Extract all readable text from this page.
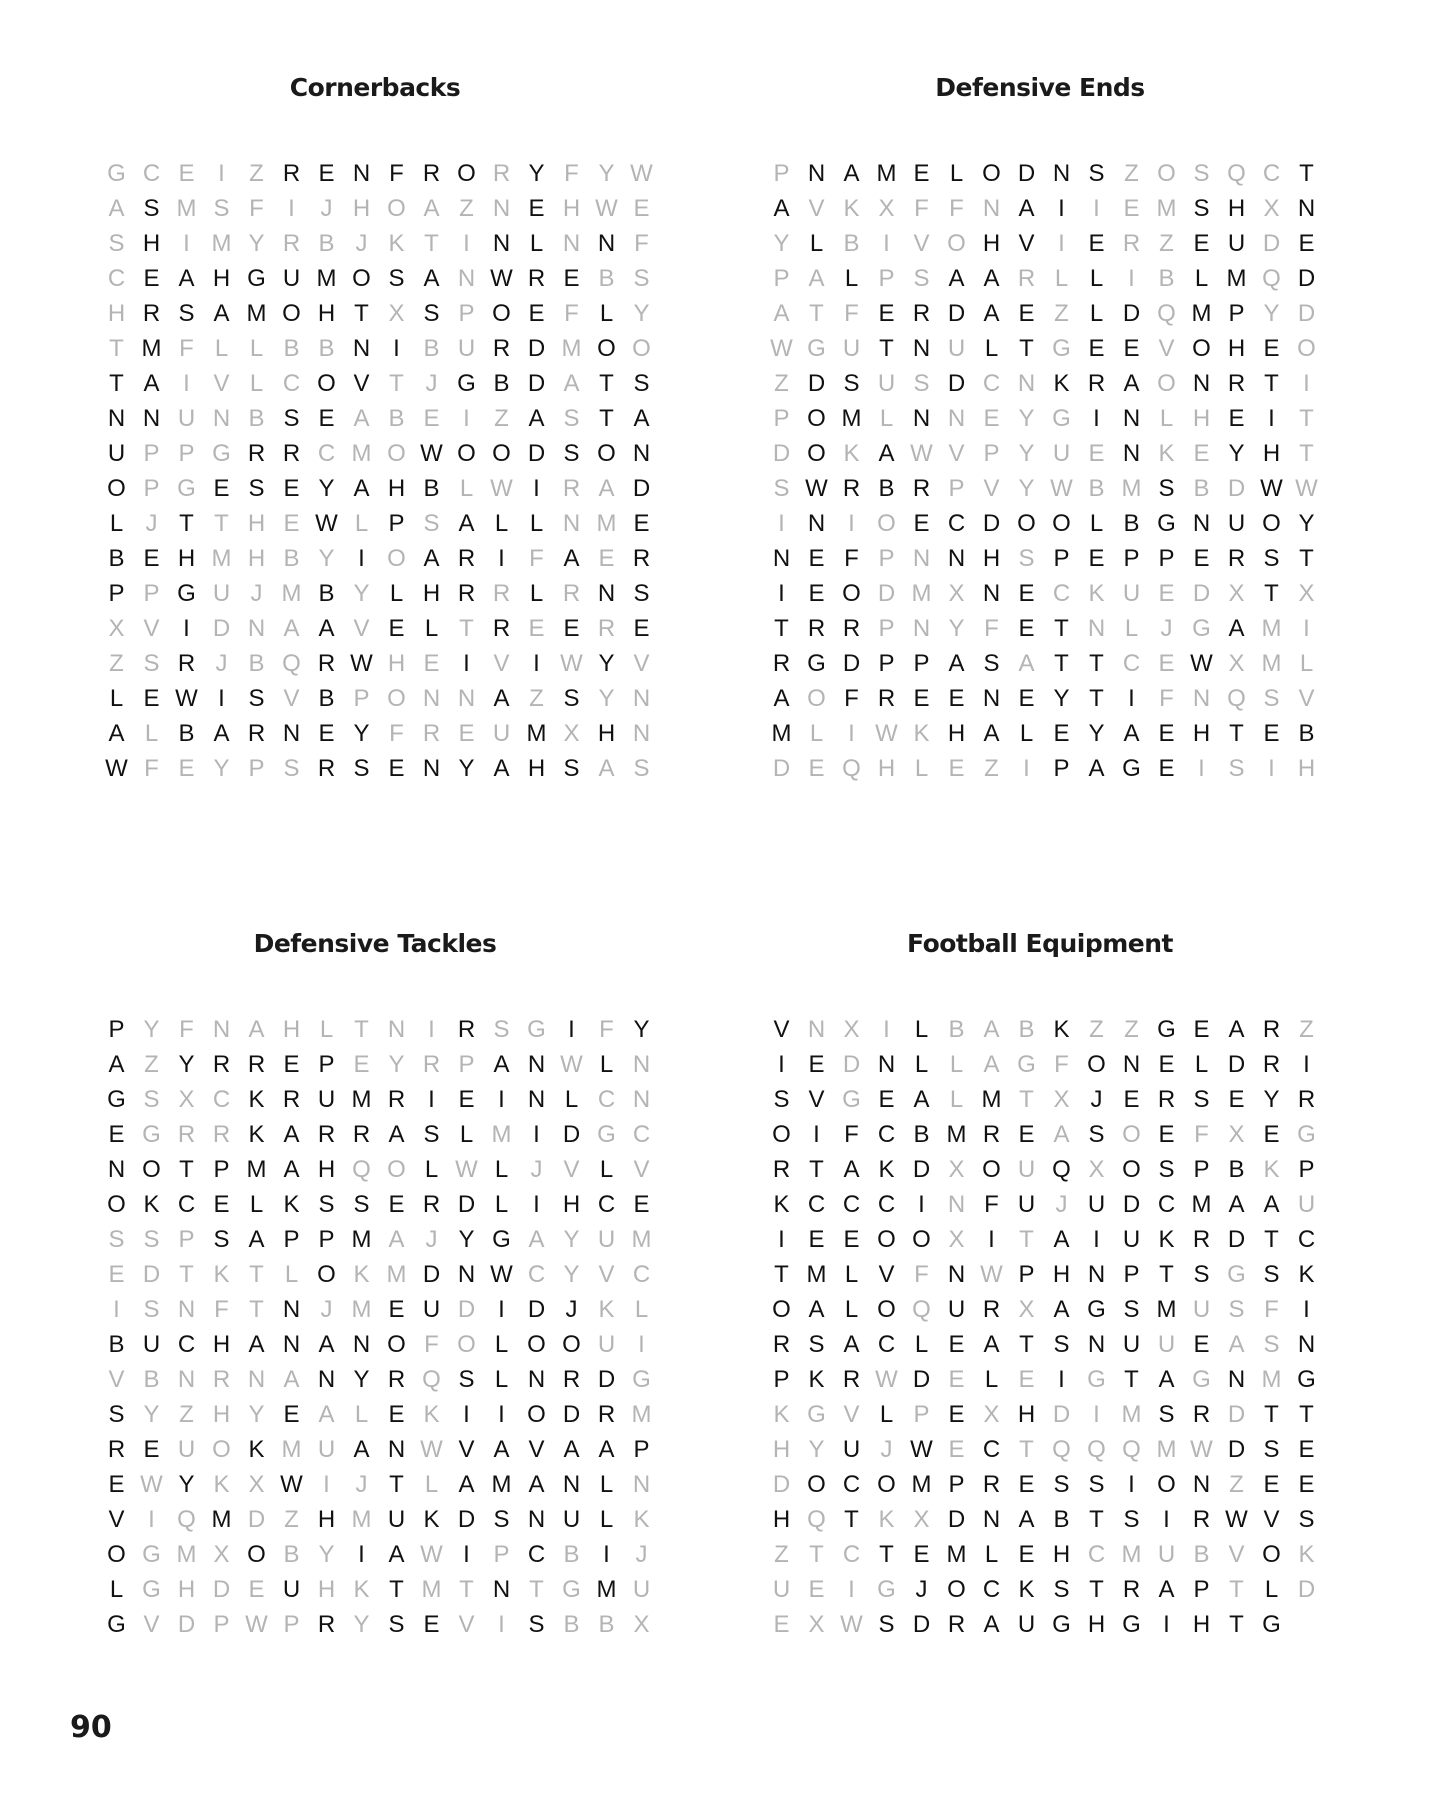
Cornerbacks
G C E I	Z R E N F R O R Y F Y W
A S M S F	I	J H O A Z N E H W E
S H I M Y R B J K T	I N L N N F
C E A H G U M O S A N W R E B S
H R S A M O H T X S P O E F L Y
T M F L L B B N I B U R D M O O
T A I V L C O V T J G B D A T S
N N U N B S E A B E I	Z A S T A
U P P G R R C M O W O O D S O N
O P G E S E Y A H B L W I R A D
L J T T H E W L P S A L L N M E
B E H M H B Y I O A R I	F A E R
P P G U J M B Y L H R R L R N S
X V I D N A A V E L T R E E R E
Z S R J B Q R W H E I V I W Y V
L E W I S V B P O N N A Z S Y N
A L B A R N E Y F R E U M X H N
W F E Y P S R S E N Y A H S A S
Defensive Ends
P N A M E L O D N S Z O S Q C T
A V K X F F N A I	I E M S H X N
Y L B I V O H V I E R Z E U D E
P A L P S A A R L L	I B L M Q D
A T F E R D A E Z L D Q M P Y D
W G U T N U L T G E E V O H E O
Z D S U S D C N K R A O N R T	I
P O M L N N E Y G I N L H E I	T
D O K A W V P Y U E N K E Y H T
S W R B R P V Y W B M S B D W W
I N I O E C D O O L B G N U O Y
N E F P N N H S P E P P E R S T
I E O D M X N E C K U E D X T X
T R R P N Y F E T N L J G A M I
R G D P P A S A T T C E W X M L
A O F R E E N E Y T	I	F N Q S V
M L	I W K H A L E Y A E H T E B
D E Q H L E Z	I P A G E I S I H
Defensive Tackles
P Y F N A H L T N I R S G I	F Y
A Z Y R R E P E Y R P A N W L N
G S X C K R U M R I E I N L C N
E G R R K A R R A S L M I D G C
N O T P M A H Q O L W L J V L V
O K C E L K S S E R D L	I H C E
S S P S A P P M A J Y G A Y U M
E D T K T L O K M D N W C Y V C
I S N F T N J M E U D I D J K L
B U C H A N A N O F O L O O U I
V B N R N A N Y R Q S L N R D G
S Y Z H Y E A L E K I	I O D R M
R E U O K M U A N W V A V A A P
E W Y K X W I	J T L A M A N L N
V I Q M D Z H M U K D S N U L K
O G M X O B Y I A W I P C B I	J
L G H D E U H K T M T N T G M U
G V D P W P R Y S E V I S B B X
Football Equipment
V N X I	L B A B K Z Z G E A R Z
I E D N L L A G F O N E L D R I
S V G E A L M T X J E R S E Y R
O I	F C B M R E A S O E F X E G
R T A K D X O U Q X O S P B K P
K C C C I N F U J U D C M A A U
I E E O O X I	T A I U K R D T C
T M L V F N W P H N P T S G S K
O A L O Q U R X A G S M U S F	I
R S A C L E A T S N U U E A S N
P K R W D E L E I G T A G N M G
K G V L P E X H D I M S R D T T
H Y U J W E C T Q Q Q M W D S E
D O C O M P R E S S I O N Z E E
H Q T K X D N A B T S I R W V S
Z T C T E M L E H C M U B V O K
U E I G J O C K S T R A P T L D
E X W S D R A U G H G I H T G
90
